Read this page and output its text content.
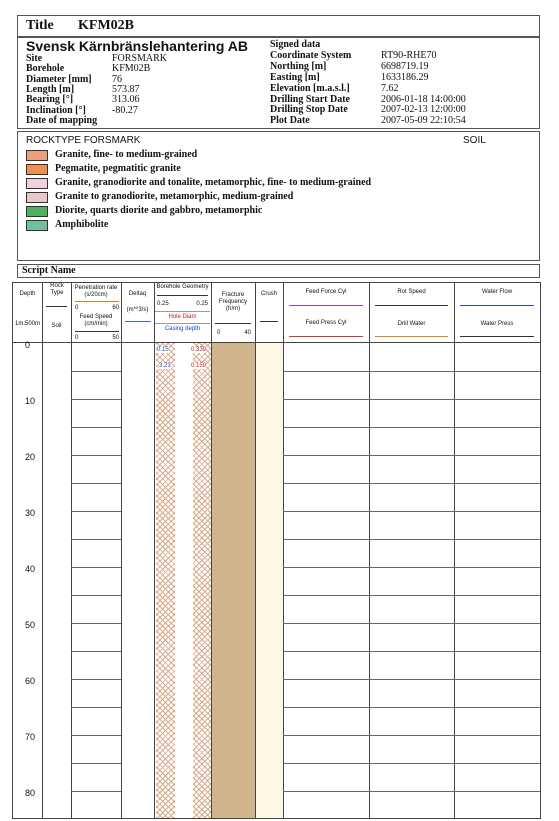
Title KFM02B
Svensk Kärnbränslehantering AB
Site	FORSMARK
Borehole	KFM02B
Diameter [mm] 76
Length [m]	573.87
Bearing [°]	313.06
Inclination [°]	-80.27
Date of mapping
Signed data
Coordinate System	RT90-RHE70
Northing [m]	6698719.19
Easting [m]	1633186.29
Elevation [m.a.s.l.]	7.62
Drilling Start Date	2006-01-18 14:00:00
Drilling Stop Date	2007-02-13 12:00:00
Plot Date	2007-05-09 22:10:54
ROCKTYPE FORSMARK	SOIL
Granite, fine- to medium-grained
Pegmatite, pegmatitic granite
Granite, granodiorite and tonalite, metamorphic, fine- to medium-grained
Granite to granodiorite, metamorphic, medium-grained
Diorite, quarts diorite and gabbro, metamorphic
Amphibolite
Script Name
Depth
1m:500m
Rock Type
Soil
Penetration rate (s/20cm)
0	60
Feed Speed (cm/min)
0	50
Deltaq
(m**3/s)
Borehole Geometry
0.25	0.25
Hole Diam
Casing depth
Fracture Frequency (fr/m)
0	40
Crush	Feed Force Cyl
Feed Press Cyl
Rot Speed
Drill Water
Water Flow
Water Press
0.15	0.339
3.23	0.159
0
10
20
30
40
50
60
70
80
